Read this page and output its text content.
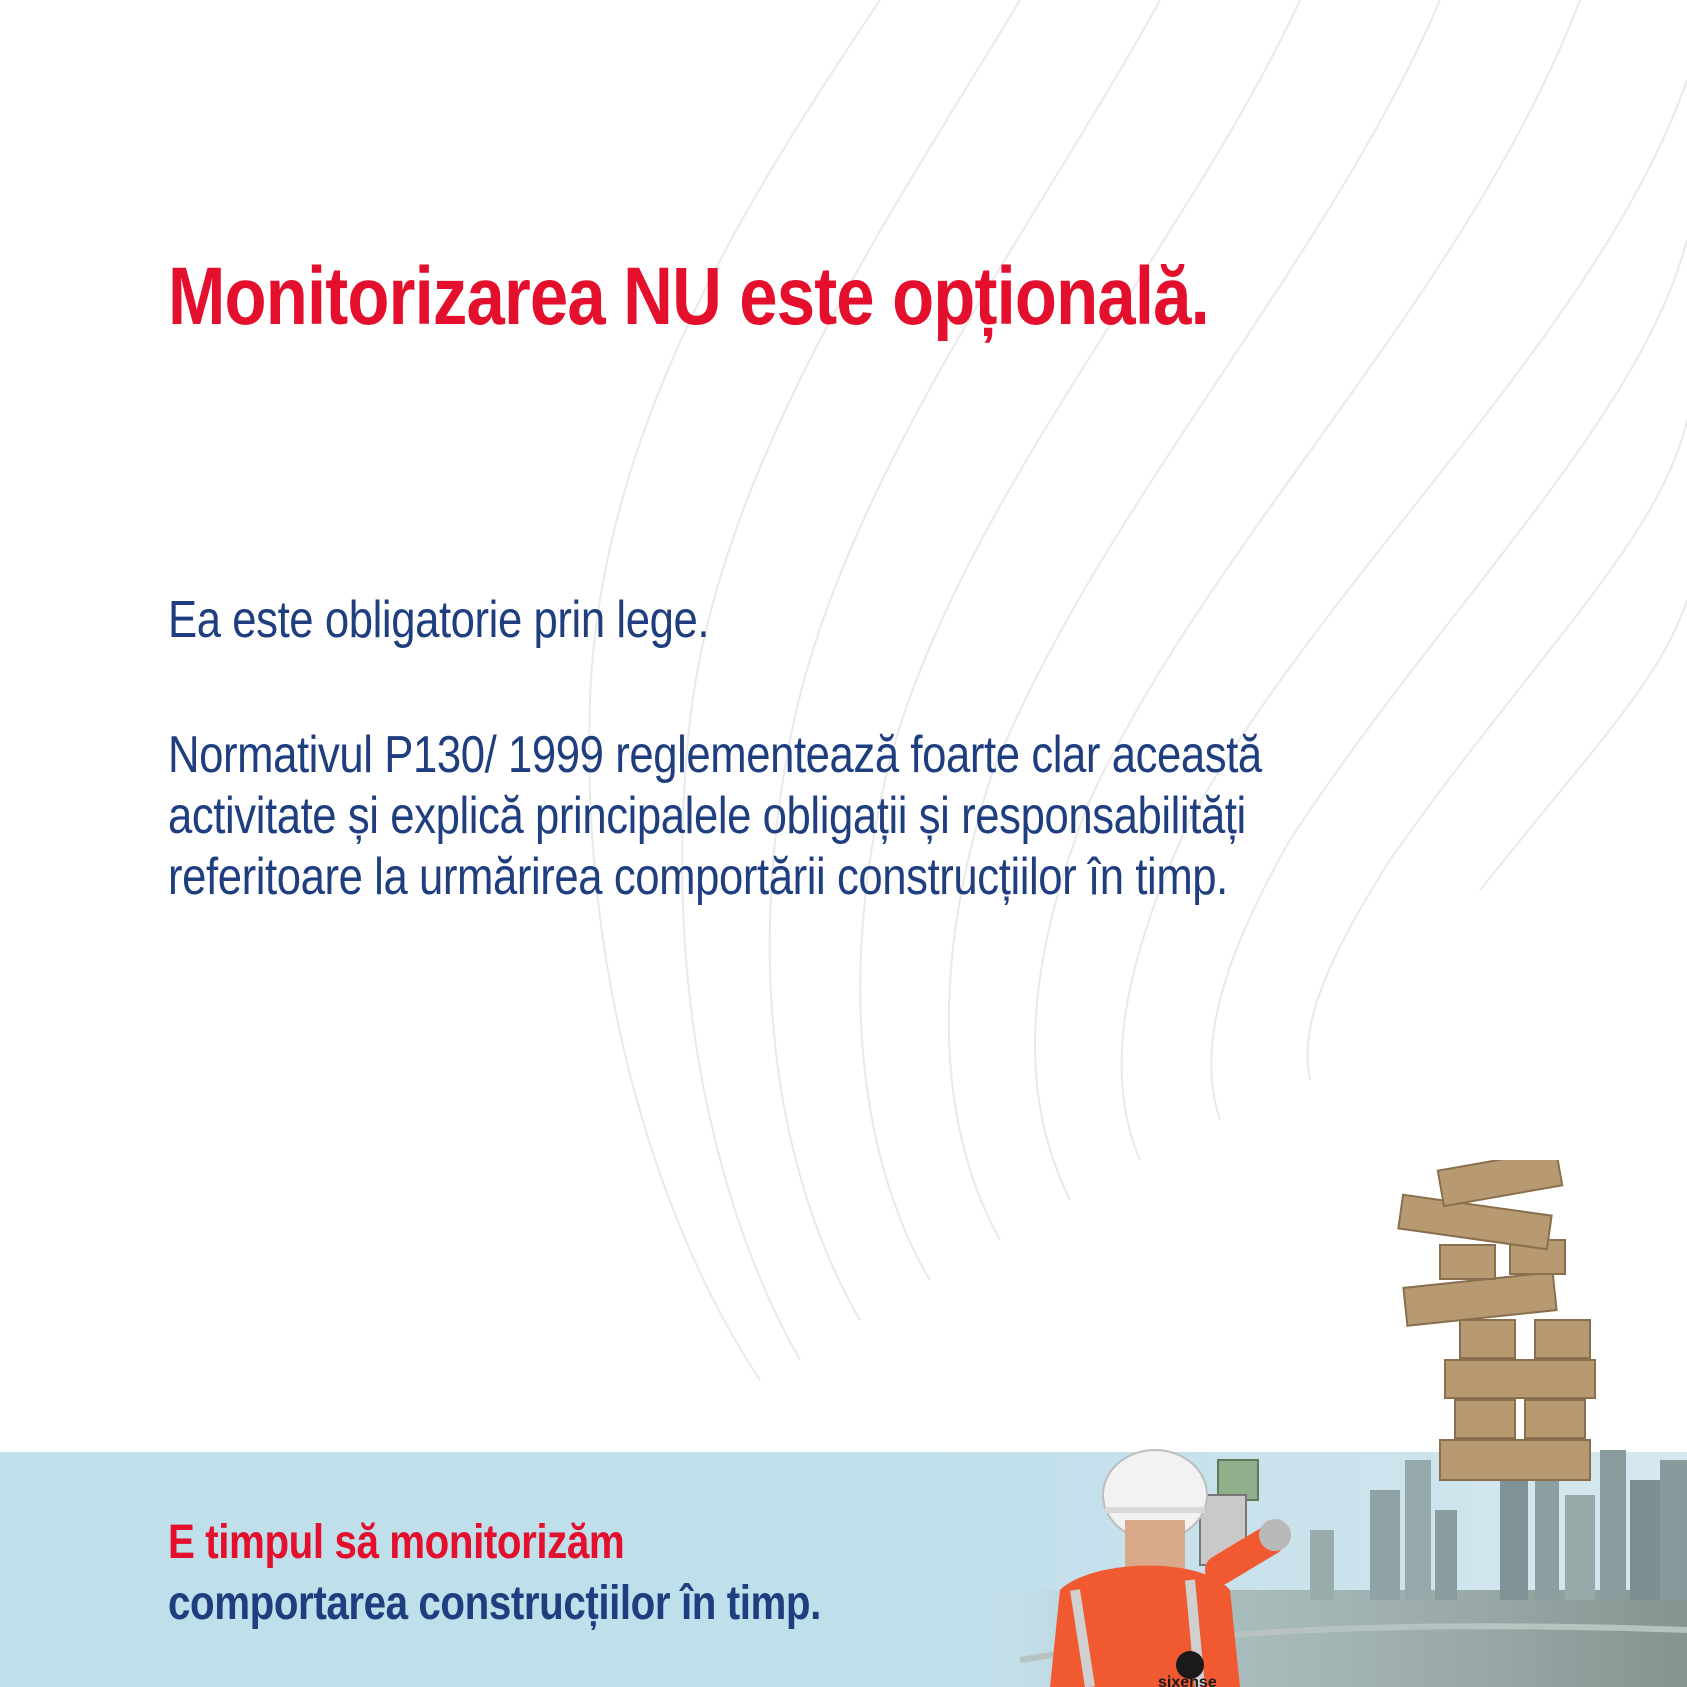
Monitorizarea NU este opțională.

Ea este obligatorie prin lege.

Normativul P130/ 1999 reglementează foarte clar această
activitate și explică principalele obligații și responsabilități
referitoare la urmărirea comportării construcțiilor în timp.

sixense

E timpul să monitorizăm
comportarea construcțiilor în timp.
